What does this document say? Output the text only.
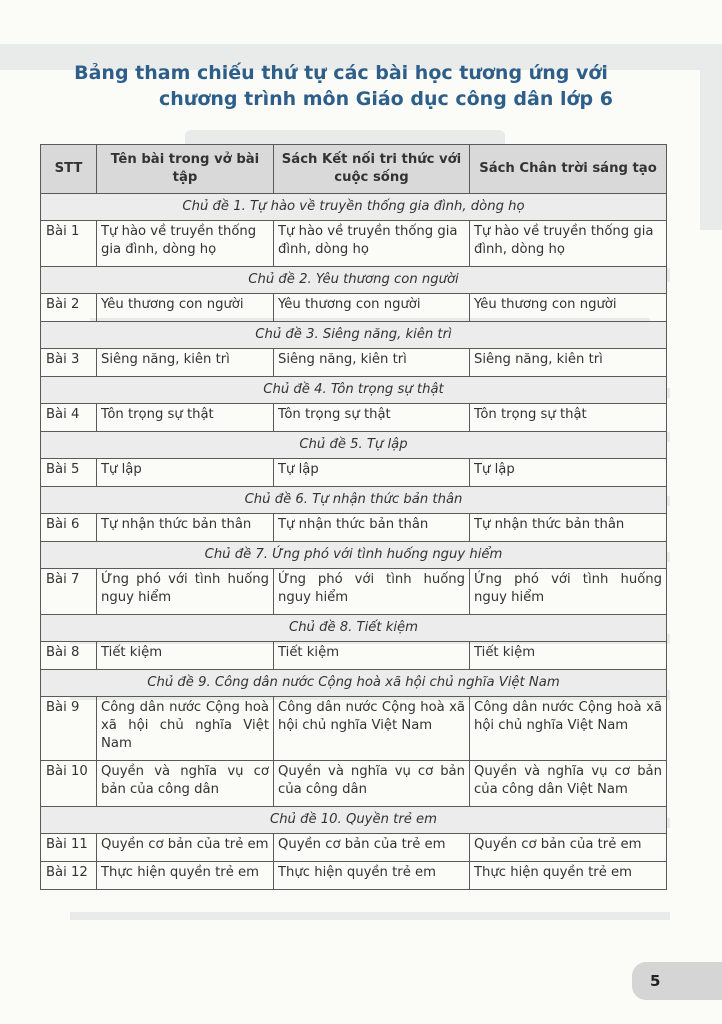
Bảng tham chiếu thứ tự các bài học tương ứng với
chương trình môn Giáo dục công dân lớp 6
STT	Tên bài trong vở bài tập	Sách Kết nối tri thức với cuộc sống	Sách Chân trời sáng tạo
Chủ đề 1. Tự hào về truyền thống gia đình, dòng họ			
Bài 1	Tự hào về truyền thống gia đình, dòng họ	Tự hào về truyền thống gia đình, dòng họ	Tự hào về truyền thống gia đình, dòng họ
Chủ đề 2. Yêu thương con người			
Bài 2	Yêu thương con người	Yêu thương con người	Yêu thương con người
Chủ đề 3. Siêng năng, kiên trì			
Bài 3	Siêng năng, kiên trì	Siêng năng, kiên trì	Siêng năng, kiên trì
Chủ đề 4. Tôn trọng sự thật			
Bài 4	Tôn trọng sự thật	Tôn trọng sự thật	Tôn trọng sự thật
Chủ đề 5. Tự lập			
Bài 5	Tự lập	Tự lập	Tự lập
Chủ đề 6. Tự nhận thức bản thân			
Bài 6	Tự nhận thức bản thân	Tự nhận thức bản thân	Tự nhận thức bản thân
Chủ đề 7. Ứng phó với tình huống nguy hiểm			
Bài 7	Ứng phó với tình huống nguy hiểm	Ứng phó với tình huống nguy hiểm	Ứng phó với tình huống nguy hiểm
Chủ đề 8. Tiết kiệm			
Bài 8	Tiết kiệm	Tiết kiệm	Tiết kiệm
Chủ đề 9. Công dân nước Cộng hoà xã hội chủ nghĩa Việt Nam			
Bài 9	Công dân nước Cộng hoà xã hội chủ nghĩa Việt Nam	Công dân nước Cộng hoà xã hội chủ nghĩa Việt Nam	Công dân nước Cộng hoà xã hội chủ nghĩa Việt Nam
Bài 10	Quyền và nghĩa vụ cơ bản của công dân	Quyền và nghĩa vụ cơ bản của công dân	Quyền và nghĩa vụ cơ bản của công dân Việt Nam
Chủ đề 10. Quyền trẻ em			
Bài 11	Quyền cơ bản của trẻ em	Quyền cơ bản của trẻ em	Quyền cơ bản của trẻ em
Bài 12	Thực hiện quyền trẻ em	Thực hiện quyền trẻ em	Thực hiện quyền trẻ em
5
